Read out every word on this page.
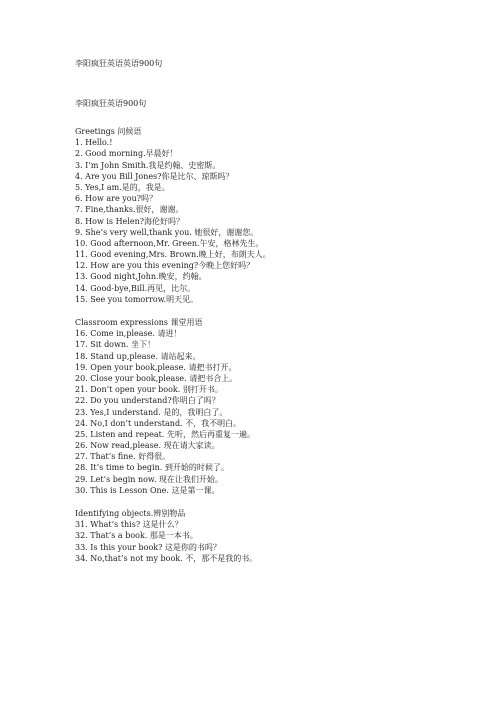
李阳疯狂英语英语900句
李阳疯狂英语900句
Greetings 问候语
1. Hello.!
2. Good morning.早晨好！
3. I’m John Smith.我是约翰、史密斯。
4. Are you Bill Jones?你是比尔、琼斯吗？
5. Yes,I am.是的，我是。
6. How are you?吗？
7. Fine,thanks.很好，谢谢。
8. How is Helen?海伦好吗？
9. She’s very well,thank you. 她很好，谢谢您。
10. Good afternoon,Mr. Green.午安，格林先生。
11. Good evening,Mrs. Brown.晚上好，布朗夫人。
12. How are you this evening?今晚上您好吗？
13. Good night,John.晚安，约翰。
14. Good-bye,Bill.再见，比尔。
15. See you tomorrow.明天见。
Classroom expressions 课堂用语
16. Come in,please. 请进！
17. Sit down. 坐下！
18. Stand up,please. 请站起来。
19. Open your book,please. 请把书打开。
20. Close your book,please. 请把书合上。
21. Don’t open your book. 别打开书。
22. Do you understand?你明白了吗？
23. Yes,I understand. 是的，我明白了。
24. No,I don’t understand. 不，我不明白。
25. Listen and repeat. 先听，然后再重复一遍。
26. Now read,please. 现在请大家读。
27. That’s fine. 好得很。
28. It’s time to begin. 到开始的时候了。
29. Let’s begin now. 现在让我们开始。
30. This is Lesson One. 这是第一课。
Identifying objects.辨别物品
31. What’s this? 这是什么？
32. That’s a book. 那是一本书。
33. Is this your book? 这是你的书吗？
34. No,that’s not my book. 不，那不是我的书。
